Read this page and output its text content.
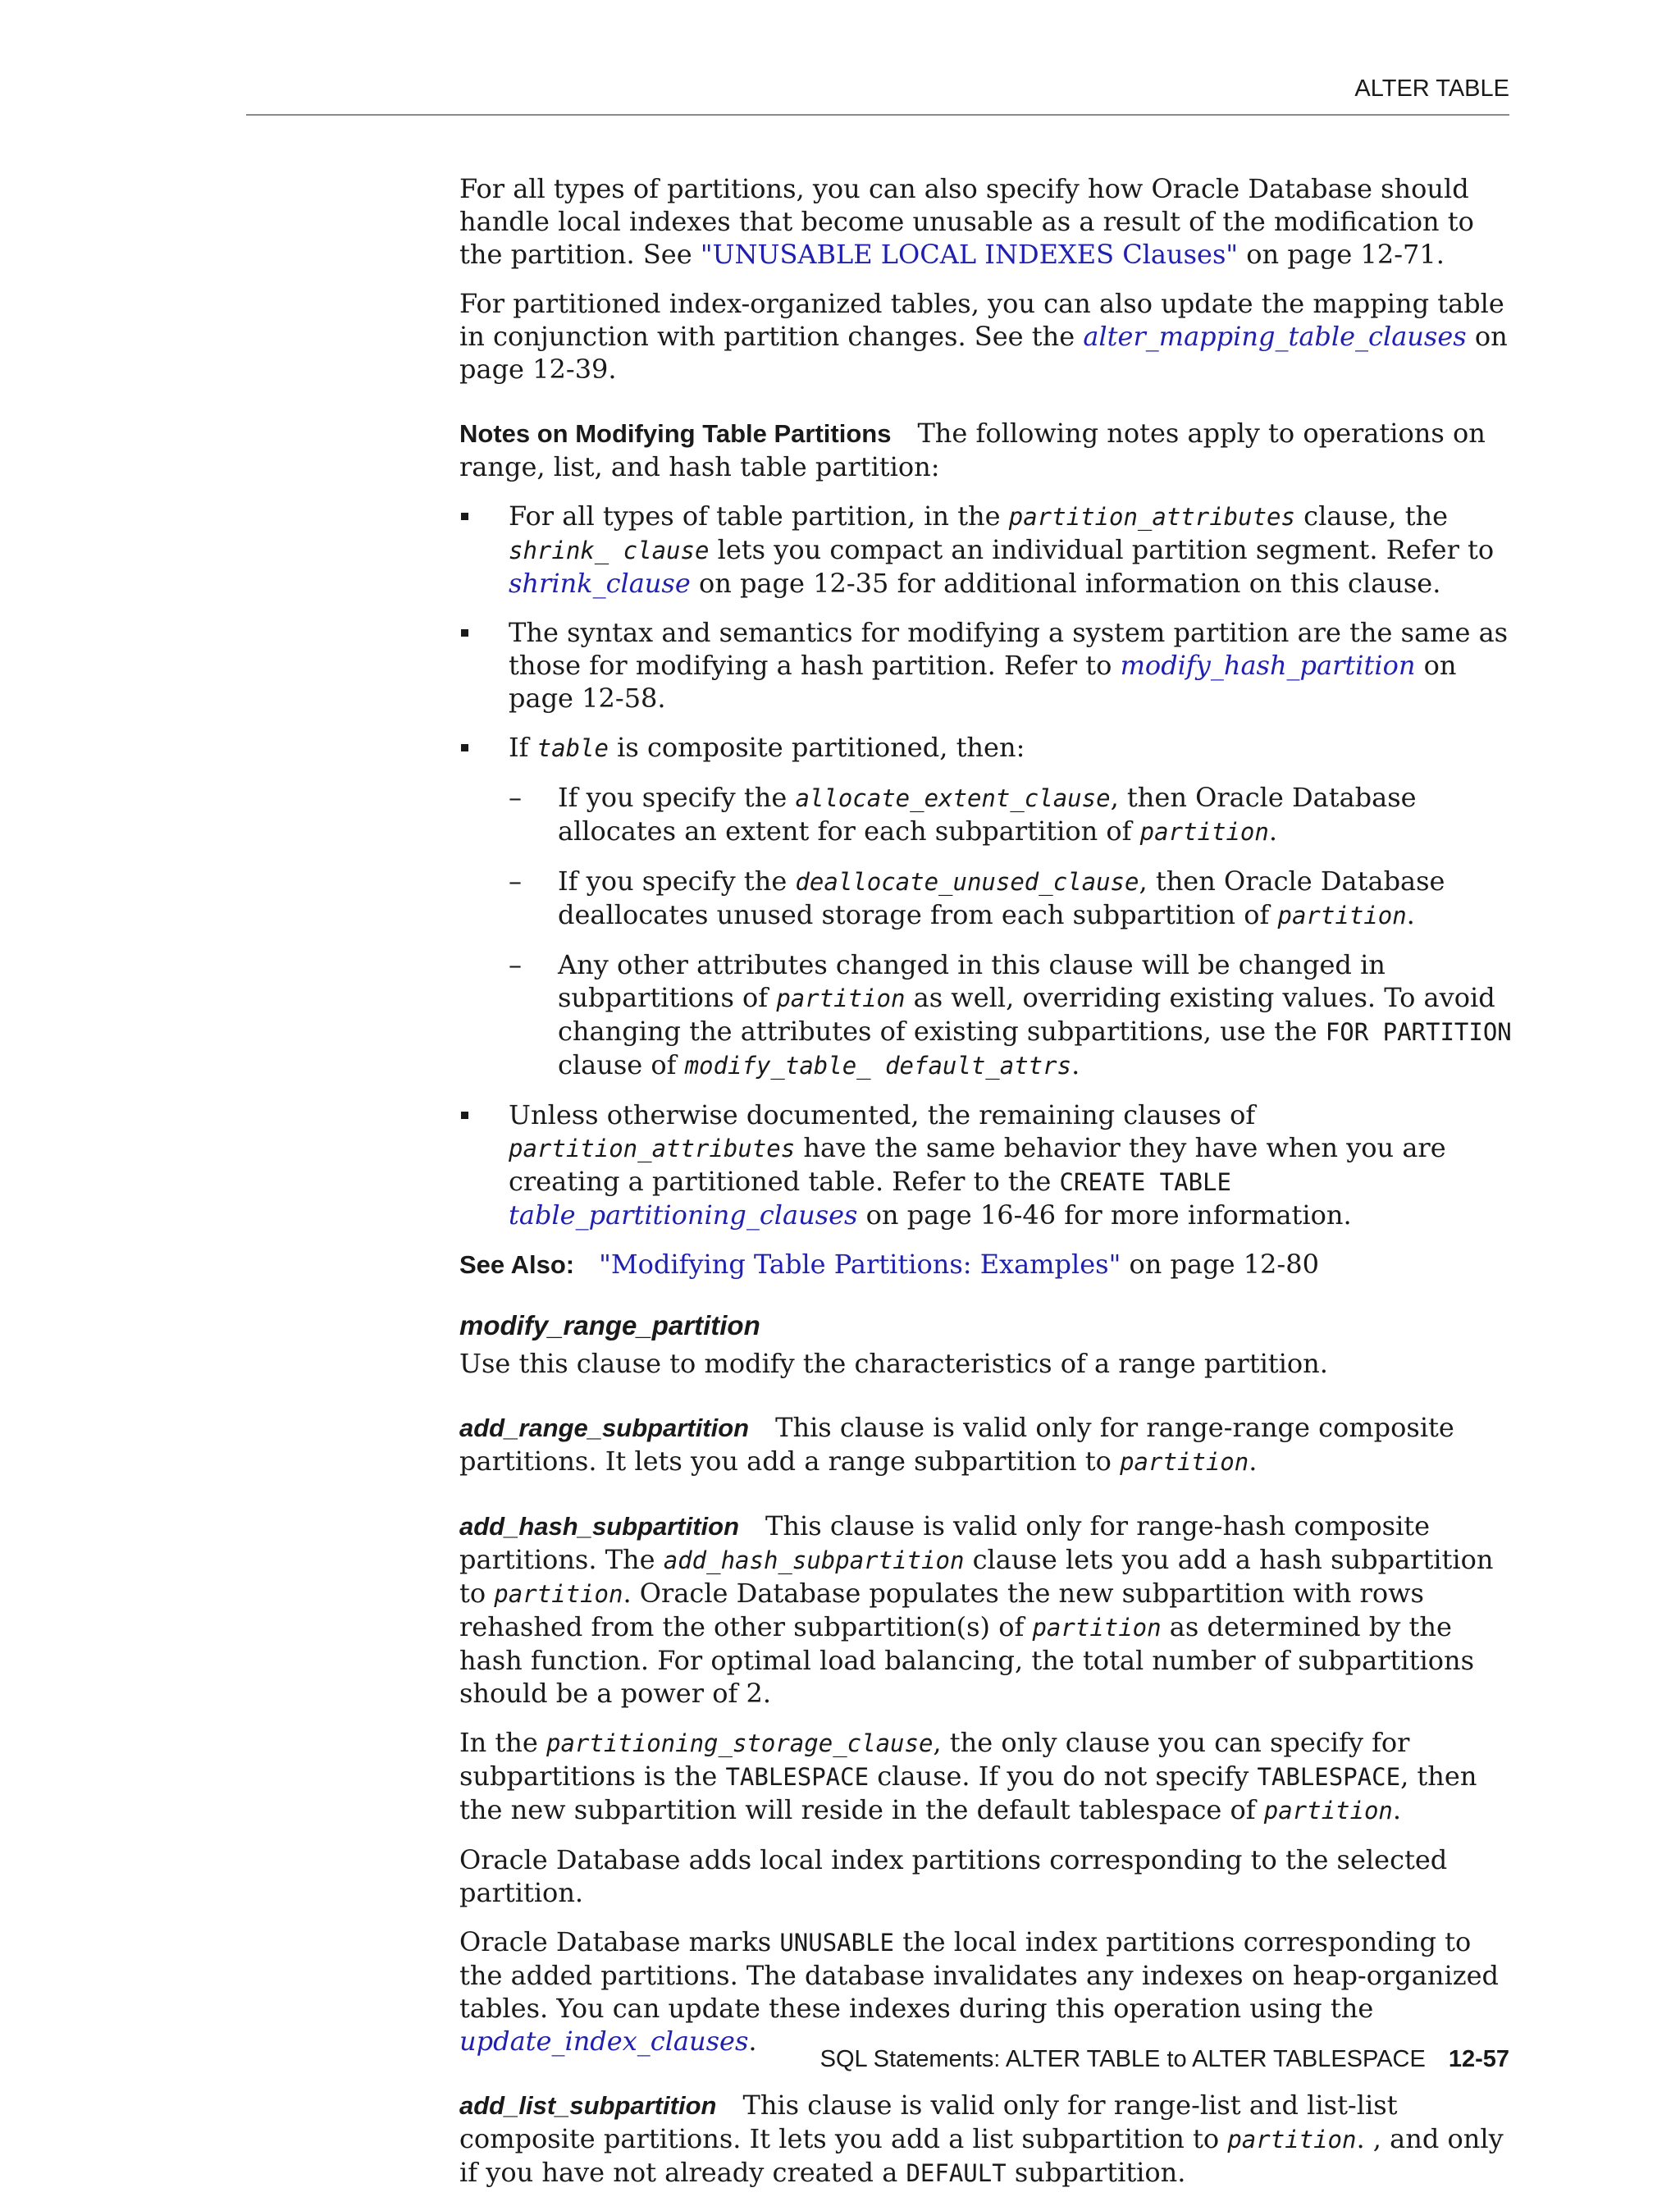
ALTER TABLE

For all types of partitions, you can also specify how Oracle Database should handle local indexes that become unusable as a result of the modification to the partition. See "UNUSABLE LOCAL INDEXES Clauses" on page 12-71.

For partitioned index-organized tables, you can also update the mapping table in conjunction with partition changes. See the alter_mapping_table_clauses on page 12-39.

Notes on Modifying Table Partitions The following notes apply to operations on range, list, and hash table partition:

For all types of table partition, in the partition_attributes clause, the shrink_ clause lets you compact an individual partition segment. Refer to shrink_clause on page 12-35 for additional information on this clause.
The syntax and semantics for modifying a system partition are the same as those for modifying a hash partition. Refer to modify_hash_partition on page 12-58.
If table is composite partitioned, then:
– If you specify the allocate_extent_clause, then Oracle Database allocates an extent for each subpartition of partition.
– If you specify the deallocate_unused_clause, then Oracle Database deallocates unused storage from each subpartition of partition.
– Any other attributes changed in this clause will be changed in subpartitions of partition as well, overriding existing values. To avoid changing the attributes of existing subpartitions, use the FOR PARTITION clause of modify_table_ default_attrs.
Unless otherwise documented, the remaining clauses of partition_attributes have the same behavior they have when you are creating a partitioned table. Refer to the CREATE TABLE table_partitioning_clauses on page 16-46 for more information.

See Also: "Modifying Table Partitions: Examples" on page 12-80

modify_range_partition

Use this clause to modify the characteristics of a range partition.

add_range_subpartition This clause is valid only for range-range composite partitions. It lets you add a range subpartition to partition.

add_hash_subpartition This clause is valid only for range-hash composite partitions. The add_hash_subpartition clause lets you add a hash subpartition to partition. Oracle Database populates the new subpartition with rows rehashed from the other subpartition(s) of partition as determined by the hash function. For optimal load balancing, the total number of subpartitions should be a power of 2.

In the partitioning_storage_clause, the only clause you can specify for subpartitions is the TABLESPACE clause. If you do not specify TABLESPACE, then the new subpartition will reside in the default tablespace of partition.

Oracle Database adds local index partitions corresponding to the selected partition.

Oracle Database marks UNUSABLE the local index partitions corresponding to the added partitions. The database invalidates any indexes on heap-organized tables. You can update these indexes during this operation using the update_index_clauses.

add_list_subpartition This clause is valid only for range-list and list-list composite partitions. It lets you add a list subpartition to partition. , and only if you have not already created a DEFAULT subpartition.

SQL Statements: ALTER TABLE to ALTER TABLESPACE 12-57
